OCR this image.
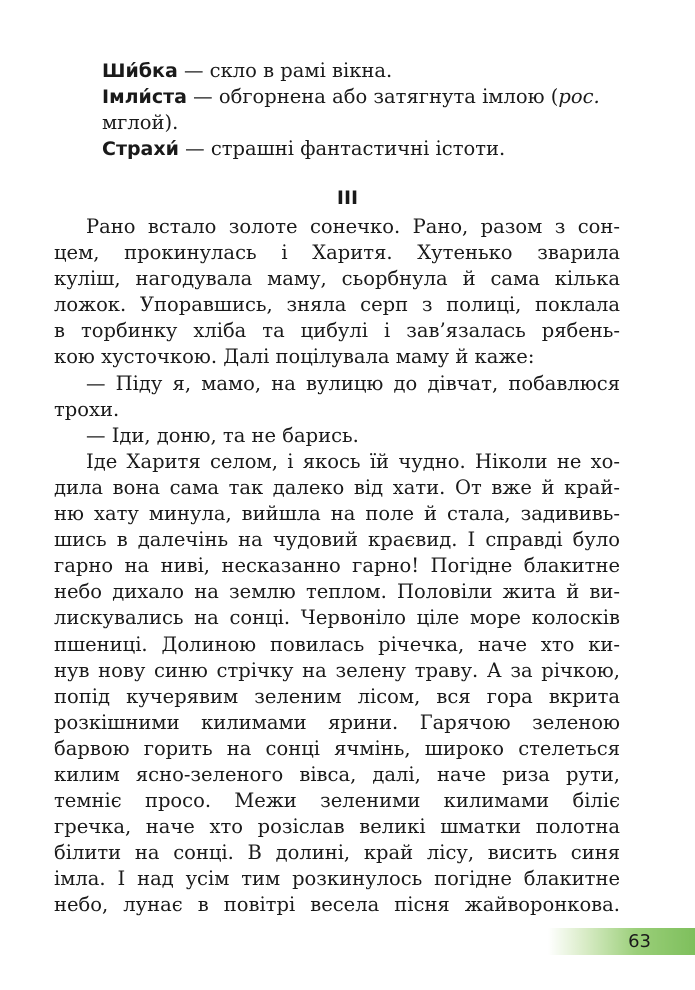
Ши́бка — скло в рамі вікна.

Імли́ста — обгорнена або затягнута імлою (рос.

мглой).

Страхи́ — страшні фантастичні істоти.

ІІІ
Рано встало золоте сонечко. Рано, разом з сон-
цем, прокинулась і Харитя. Хутенько зварила
куліш, нагодувала маму, сьорбнула й сама кілька
ложок. Упоравшись, зняла серп з полиці, поклала
в торбинку хліба та цибулі і зав’язалась рябень-
кою хусточкою. Далі поцілувала маму й каже:
— Піду я, мамо, на вулицю до дівчат, побавлюся
трохи.
— Іди, доню, та не барись.
Іде Харитя селом, і якось їй чудно. Ніколи не хо-
дила вона сама так далеко від хати. От вже й край-
ню хату минула, вийшла на поле й стала, задививь-
шись в далечінь на чудовий краєвид. І справді було
гарно на ниві, несказанно гарно! Погідне блакитне
небо дихало на землю теплом. Половіли жита й ви-
лискувались на сонці. Червоніло ціле море колосків
пшениці. Долиною повилась річечка, наче хто ки-
нув нову синю стрічку на зелену траву. А за річкою,
попід кучерявим зеленим лісом, вся гора вкрита
розкішними килимами ярини. Гарячою зеленою
барвою горить на сонці ячмінь, широко стелеться
килим ясно-зеленого вівса, далі, наче риза рути,
темніє просо. Межи зеленими килимами біліє
гречка, наче хто розіслав великі шматки полотна
білити на сонці. В долині, край лісу, висить синя
імла. І над усім тим розкинулось погідне блакитне
небо, лунає в повітрі весела пісня жайворонкова.
63
